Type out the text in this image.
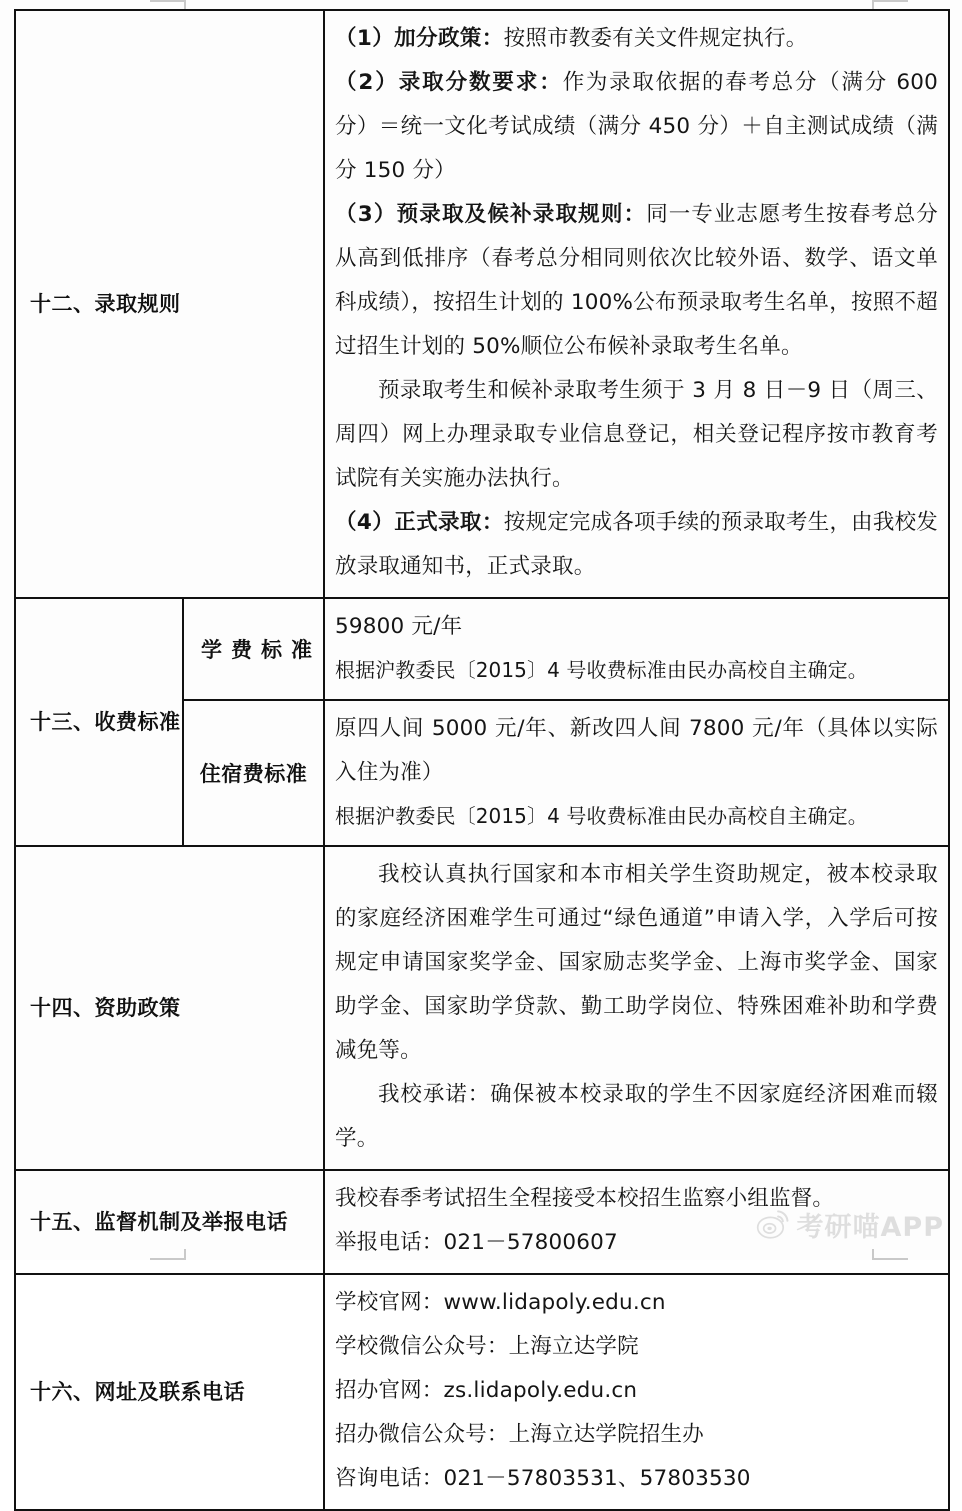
十二、录取规则		（1）加分政策：按照市教委有关文件规定执行。

（2）录取分数要求：作为录取依据的春考总分（满分 600 分）＝统一文化考试成绩（满分 450 分）＋自主测试成绩（满分 150 分）

（3）预录取及候补录取规则：同一专业志愿考生按春考总分从高到低排序（春考总分相同则依次比较外语、数学、语文单科成绩），按招生计划的 100%公布预录取考生名单，按照不超过招生计划的 50%顺位公布候补录取考生名单。

预录取考生和候补录取考生须于 3 月 8 日－9 日（周三、周四）网上办理录取专业信息登记，相关登记程序按市教育考试院有关实施办法执行。

（4）正式录取：按规定完成各项手续的预录取考生，由我校发放录取通知书，正式录取。

十三、收费标准	学费标准	59800 元/年

根据沪教委民〔2015〕4 号收费标准由民办高校自主确定。

	住宿费标准	原四人间 5000 元/年、新改四人间 7800 元/年（具体以实际入住为准）

根据沪教委民〔2015〕4 号收费标准由民办高校自主确定。

十四、资助政策		我校认真执行国家和本市相关学生资助规定，被本校录取的家庭经济困难学生可通过“绿色通道”申请入学，入学后可按规定申请国家奖学金、国家励志奖学金、上海市奖学金、国家助学金、国家助学贷款、勤工助学岗位、特殊困难补助和学费减免等。

我校承诺：确保被本校录取的学生不因家庭经济困难而辍学。

十五、监督机制及举报电话		我校春季考试招生全程接受本校招生监察小组监督。

举报电话：021－57800607

十六、网址及联系电话		学校官网：www.lidapoly.edu.cn

学校微信公众号：上海立达学院

招办官网：zs.lidapoly.edu.cn

招办微信公众号：上海立达学院招生办

咨询电话：021－57803531、57803530

考研喵APP
